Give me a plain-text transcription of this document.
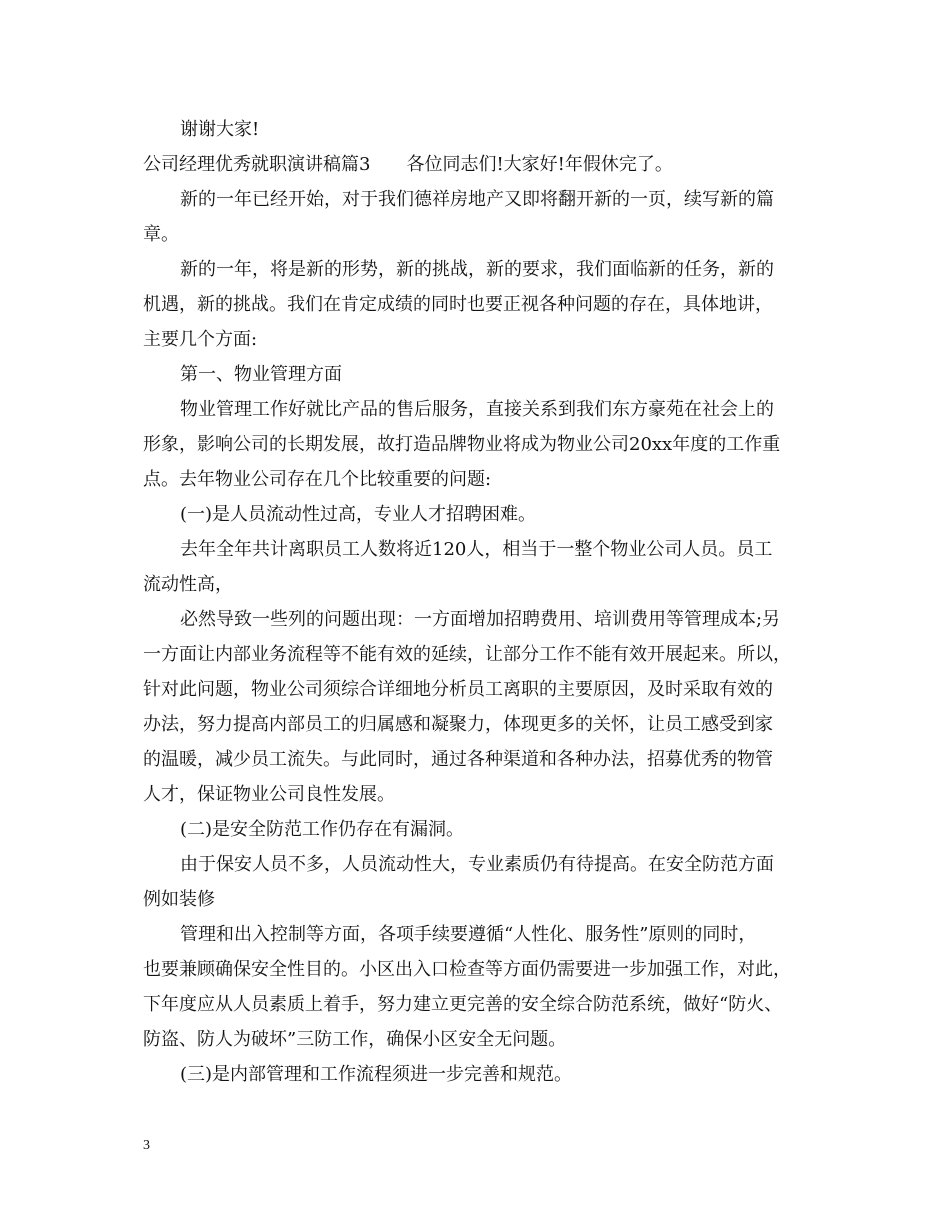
谢谢大家!
公司经理优秀就职演讲稿篇3　　各位同志们!大家好!年假休完了。
新的一年已经开始，对于我们德祥房地产又即将翻开新的一页，续写新的篇
章。
新的一年，将是新的形势，新的挑战，新的要求，我们面临新的任务，新的
机遇，新的挑战。我们在肯定成绩的同时也要正视各种问题的存在，具体地讲，
主要几个方面:
第一、物业管理方面
物业管理工作好就比产品的售后服务，直接关系到我们东方豪苑在社会上的
形象，影响公司的长期发展，故打造品牌物业将成为物业公司20xx年度的工作重
点。去年物业公司存在几个比较重要的问题:
(一)是人员流动性过高，专业人才招聘困难。
去年全年共计离职员工人数将近120人，相当于一整个物业公司人员。员工
流动性高，
必然导致一些列的问题出现：一方面增加招聘费用、培训费用等管理成本;另
一方面让内部业务流程等不能有效的延续，让部分工作不能有效开展起来。所以，
针对此问题，物业公司须综合详细地分析员工离职的主要原因，及时采取有效的
办法，努力提高内部员工的归属感和凝聚力，体现更多的关怀，让员工感受到家
的温暖，减少员工流失。与此同时，通过各种渠道和各种办法，招募优秀的物管
人才，保证物业公司良性发展。
(二)是安全防范工作仍存在有漏洞。
由于保安人员不多，人员流动性大，专业素质仍有待提高。在安全防范方面
例如装修
管理和出入控制等方面，各项手续要遵循“人性化、服务性”原则的同时，
也要兼顾确保安全性目的。小区出入口检查等方面仍需要进一步加强工作，对此，
下年度应从人员素质上着手，努力建立更完善的安全综合防范系统，做好“防火、
防盗、防人为破坏”三防工作，确保小区安全无问题。
(三)是内部管理和工作流程须进一步完善和规范。
3
